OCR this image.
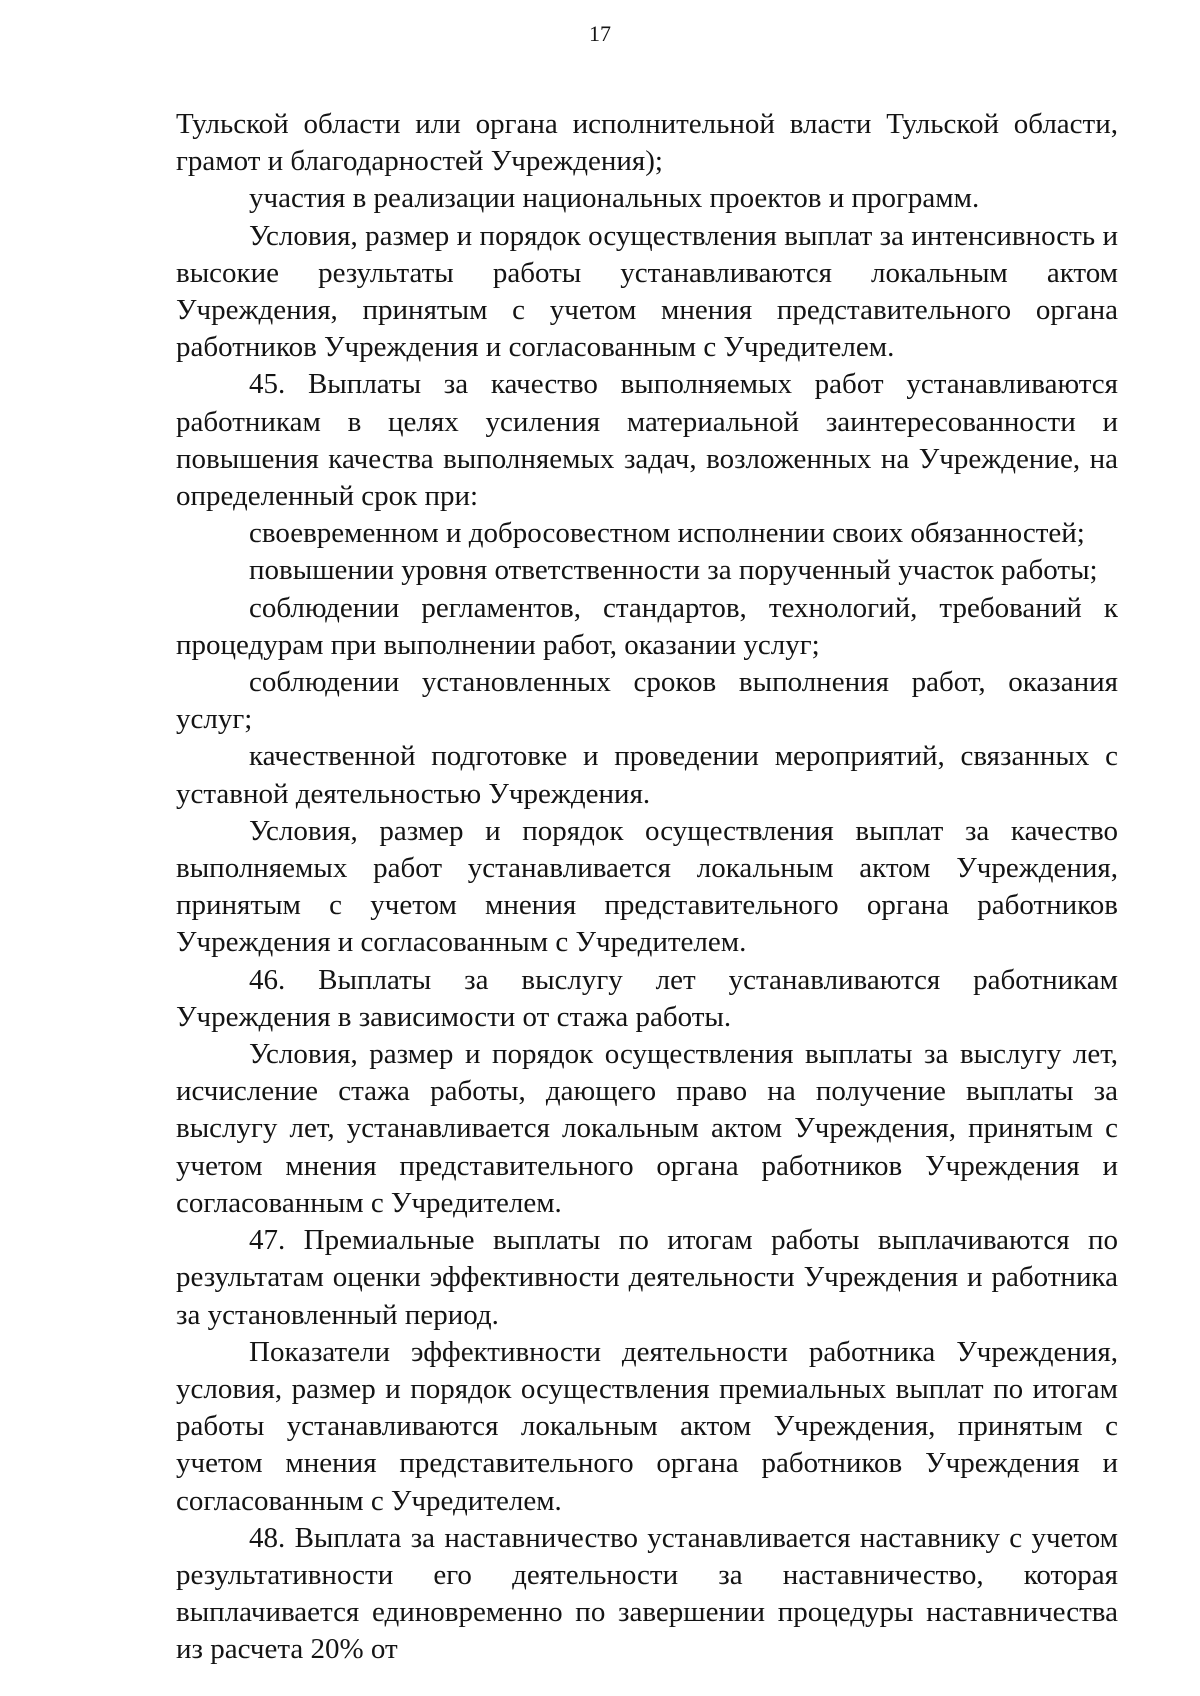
17

Тульской области или органа исполнительной власти Тульской области, грамот и благодарностей Учреждения);

участия в реализации национальных проектов и программ.

Условия, размер и порядок осуществления выплат за интенсивность и высокие результаты работы устанавливаются локальным актом Учреждения, принятым с учетом мнения представительного органа работников Учреждения и согласованным с Учредителем.

45. Выплаты за качество выполняемых работ устанавливаются работникам в целях усиления материальной заинтересованности и повышения качества выполняемых задач, возложенных на Учреждение, на определенный срок при:

своевременном и добросовестном исполнении своих обязанностей;

повышении уровня ответственности за порученный участок работы;

соблюдении регламентов, стандартов, технологий, требований к процедурам при выполнении работ, оказании услуг;

соблюдении установленных сроков выполнения работ, оказания услуг;

качественной подготовке и проведении мероприятий, связанных с уставной деятельностью Учреждения.

Условия, размер и порядок осуществления выплат за качество выполняемых работ устанавливается локальным актом Учреждения, принятым с учетом мнения представительного органа работников Учреждения и согласованным с Учредителем.

46. Выплаты за выслугу лет устанавливаются работникам Учреждения в зависимости от стажа работы.

Условия, размер и порядок осуществления выплаты за выслугу лет, исчисление стажа работы, дающего право на получение выплаты за выслугу лет, устанавливается локальным актом Учреждения, принятым с учетом мнения представительного органа работников Учреждения и согласованным с Учредителем.

47. Премиальные выплаты по итогам работы выплачиваются по результатам оценки эффективности деятельности Учреждения и работника за установленный период.

Показатели эффективности деятельности работника Учреждения, условия, размер и порядок осуществления премиальных выплат по итогам работы устанавливаются локальным актом Учреждения, принятым с учетом мнения представительного органа работников Учреждения и согласованным с Учредителем.

48. Выплата за наставничество устанавливается наставнику с учетом результативности его деятельности за наставничество, которая выплачивается единовременно по завершении процедуры наставничества из расчета 20% от
